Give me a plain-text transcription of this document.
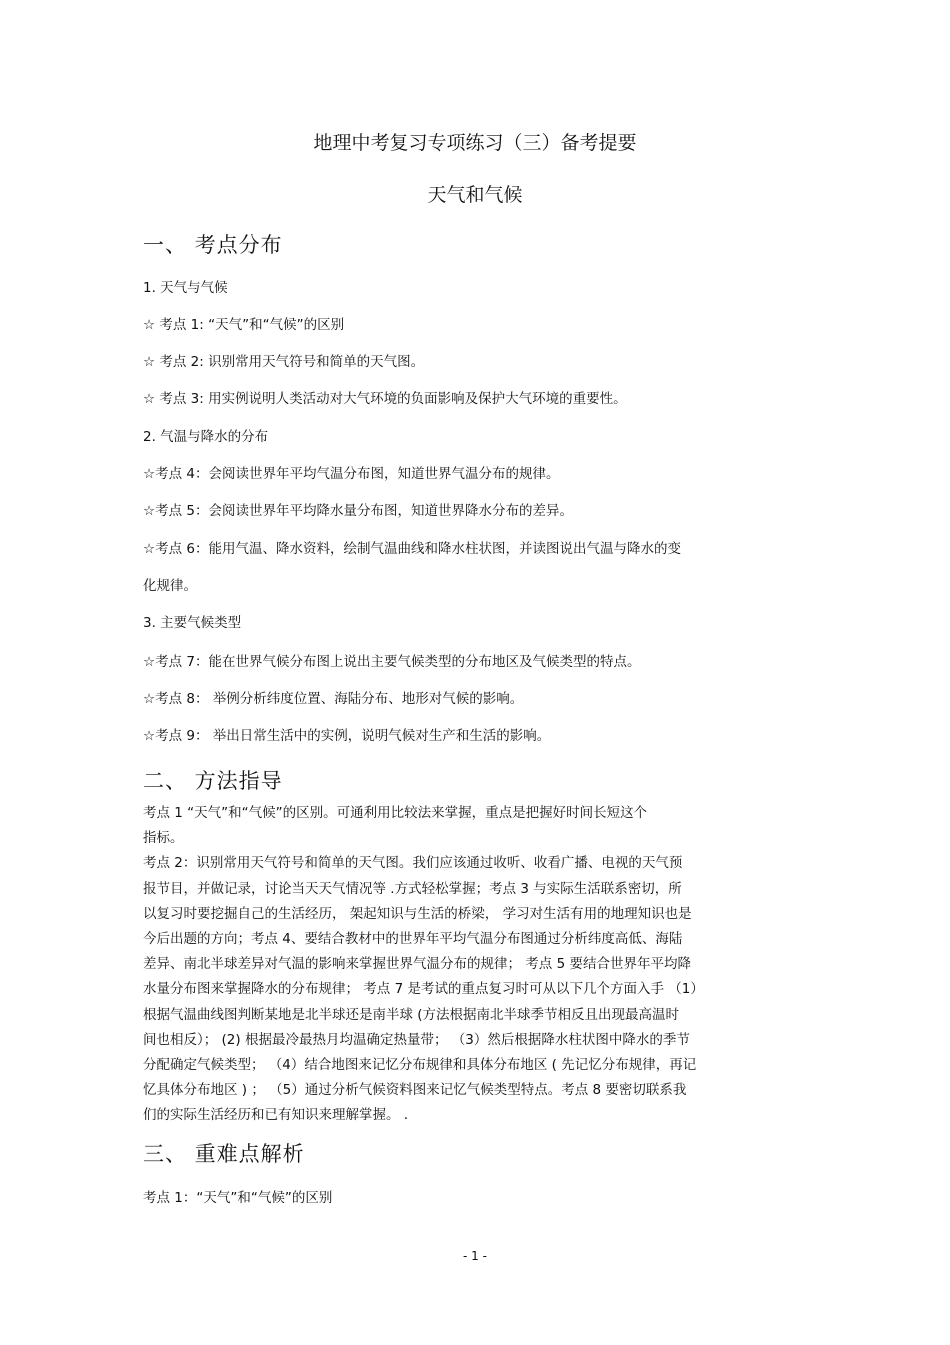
地理中考复习专项练习（三）备考提要
天气和气候
一、 考点分布
1. 天气与气候
☆ 考点 1: “天气”和“气候”的区别
☆ 考点 2: 识别常用天气符号和简单的天气图。
☆ 考点 3: 用实例说明人类活动对大气环境的负面影响及保护大气环境的重要性。
2. 气温与降水的分布
☆考点 4：会阅读世界年平均气温分布图，知道世界气温分布的规律。
☆考点 5：会阅读世界年平均降水量分布图，知道世界降水分布的差异。
☆考点 6：能用气温、降水资料，绘制气温曲线和降水柱状图，并读图说出气温与降水的变
化规律。
3. 主要气候类型
☆考点 7：能在世界气候分布图上说出主要气候类型的分布地区及气候类型的特点。
☆考点 8： 举例分析纬度位置、海陆分布、地形对气候的影响。
☆考点 9： 举出日常生活中的实例，说明气候对生产和生活的影响。
二、 方法指导
考点 1 “天气”和“气候”的区别。可通利用比较法来掌握，重点是把握好时间长短这个
指标。
考点 2：识别常用天气符号和简单的天气图。我们应该通过收听、收看广播、电视的天气预
报节目，并做记录，讨论当天天气情况等 .方式轻松掌握；考点 3 与实际生活联系密切，所
以复习时要挖掘自己的生活经历， 架起知识与生活的桥梁， 学习对生活有用的地理知识也是
今后出题的方向；考点 4、要结合教材中的世界年平均气温分布图通过分析纬度高低、海陆
差异、南北半球差异对气温的影响来掌握世界气温分布的规律； 考点 5 要结合世界年平均降
水量分布图来掌握降水的分布规律； 考点 7 是考试的重点复习时可从以下几个方面入手 （1）
根据气温曲线图判断某地是北半球还是南半球 (方法根据南北半球季节相反且出现最高温时
间也相反）； (2) 根据最冷最热月均温确定热量带； （3）然后根据降水柱状图中降水的季节
分配确定气候类型； （4）结合地图来记忆分布规律和具体分布地区 ( 先记忆分布规律，再记
忆具体分布地区 ) ； （5）通过分析气候资料图来记忆气候类型特点。考点 8 要密切联系我
们的实际生活经历和已有知识来理解掌握。 .
三、 重难点解析
考点 1：“天气”和“气候”的区别
- 1 -
